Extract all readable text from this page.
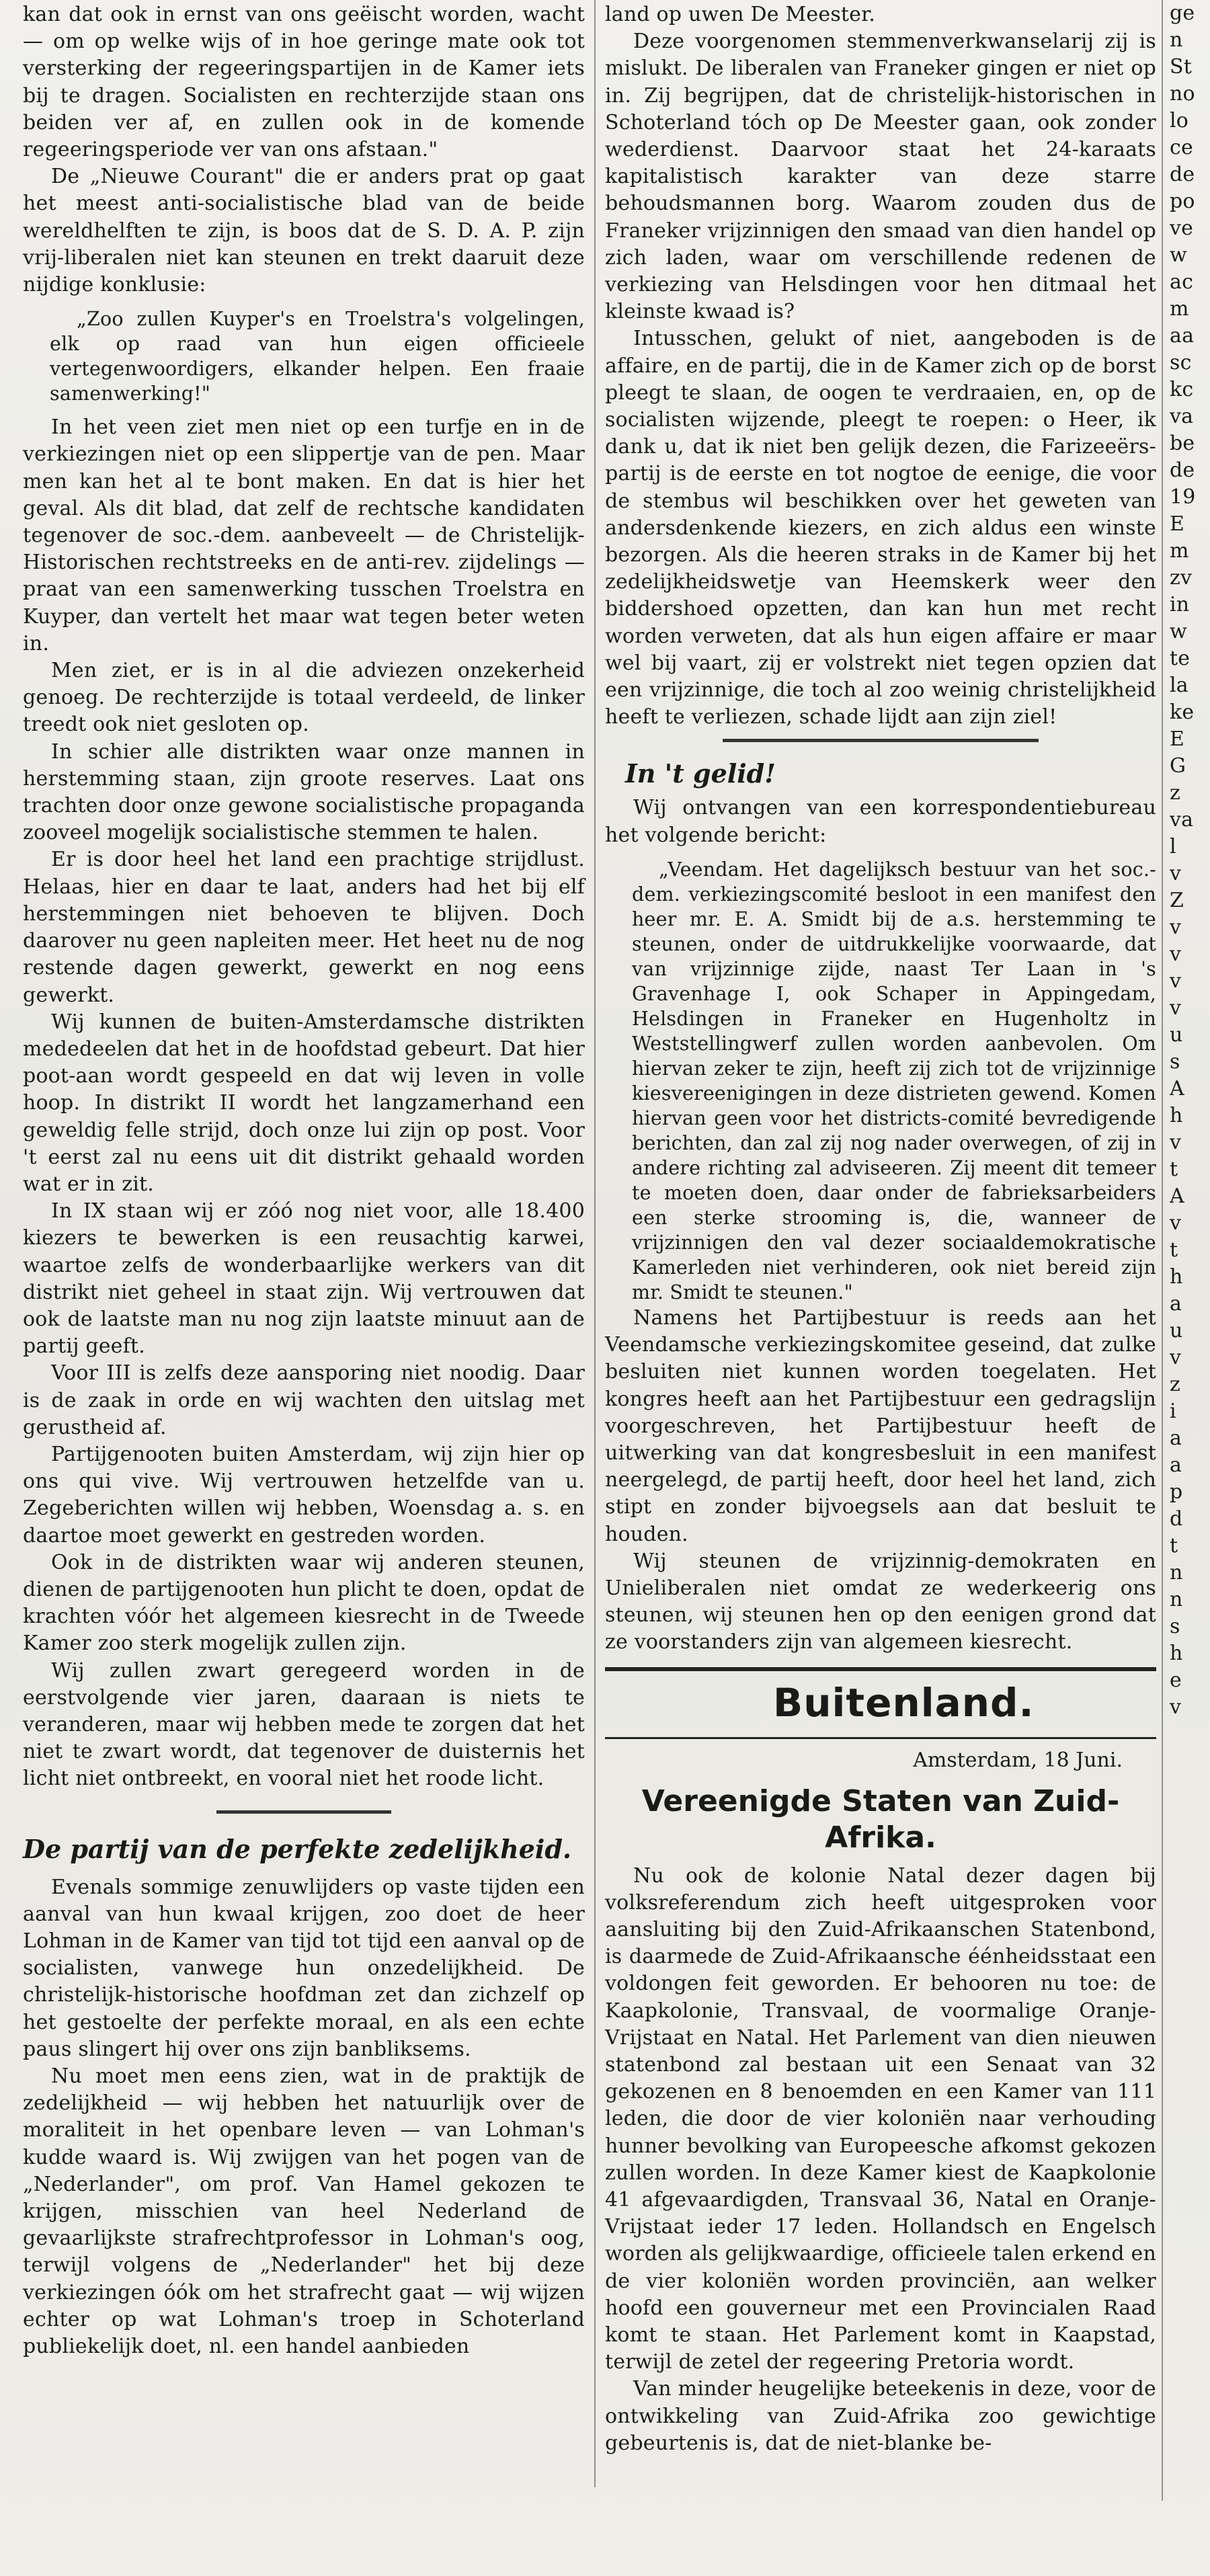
kan dat ook in ernst van ons geëischt worden, wacht — om op welke wijs of in hoe geringe mate ook tot versterking der regeeringspartijen in de Kamer iets bij te dragen. Socialisten en rechterzijde staan ons beiden ver af, en zullen ook in de komende regeeringsperiode ver van ons afstaan."

De „Nieuwe Courant" die er anders prat op gaat het meest anti-socialistische blad van de beide wereldhelften te zijn, is boos dat de S. D. A. P. zijn vrij-liberalen niet kan steunen en trekt daaruit deze nijdige konklusie:

„Zoo zullen Kuyper's en Troelstra's volgelingen, elk op raad van hun eigen officieele vertegenwoordigers, elkander helpen. Een fraaie samenwerking!"

In het veen ziet men niet op een turfje en in de verkiezingen niet op een slippertje van de pen. Maar men kan het al te bont maken. En dat is hier het geval. Als dit blad, dat zelf de rechtsche kandidaten tegenover de soc.-dem. aanbeveelt — de Christelijk-Historischen rechtstreeks en de anti-rev. zijdelings — praat van een samenwerking tusschen Troelstra en Kuyper, dan vertelt het maar wat tegen beter weten in.

Men ziet, er is in al die adviezen onzekerheid genoeg. De rechterzijde is totaal verdeeld, de linker treedt ook niet gesloten op.

In schier alle distrikten waar onze mannen in herstemming staan, zijn groote reserves. Laat ons trachten door onze gewone socialistische propaganda zooveel mogelijk socialistische stemmen te halen.

Er is door heel het land een prachtige strijdlust. Helaas, hier en daar te laat, anders had het bij elf herstemmingen niet behoeven te blijven. Doch daarover nu geen napleiten meer. Het heet nu de nog restende dagen gewerkt, gewerkt en nog eens gewerkt.

Wij kunnen de buiten-Amsterdamsche distrikten mededeelen dat het in de hoofdstad gebeurt. Dat hier poot-aan wordt gespeeld en dat wij leven in volle hoop. In distrikt II wordt het langzamerhand een geweldig felle strijd, doch onze lui zijn op post. Voor 't eerst zal nu eens uit dit distrikt gehaald worden wat er in zit.

In IX staan wij er zóó nog niet voor, alle 18.400 kiezers te bewerken is een reusachtig karwei, waartoe zelfs de wonderbaarlijke werkers van dit distrikt niet geheel in staat zijn. Wij vertrouwen dat ook de laatste man nu nog zijn laatste minuut aan de partij geeft.

Voor III is zelfs deze aansporing niet noodig. Daar is de zaak in orde en wij wachten den uitslag met gerustheid af.

Partijgenooten buiten Amsterdam, wij zijn hier op ons qui vive. Wij vertrouwen hetzelfde van u. Zegeberichten willen wij hebben, Woensdag a. s. en daartoe moet gewerkt en gestreden worden.

Ook in de distrikten waar wij anderen steunen, dienen de partijgenooten hun plicht te doen, opdat de krachten vóór het algemeen kiesrecht in de Tweede Kamer zoo sterk mogelijk zullen zijn.

Wij zullen zwart geregeerd worden in de eerstvolgende vier jaren, daaraan is niets te veranderen, maar wij hebben mede te zorgen dat het niet te zwart wordt, dat tegenover de duisternis het licht niet ontbreekt, en vooral niet het roode licht.

De partij van de perfekte zedelijkheid.

Evenals sommige zenuwlijders op vaste tijden een aanval van hun kwaal krijgen, zoo doet de heer Lohman in de Kamer van tijd tot tijd een aanval op de socialisten, vanwege hun onzedelijkheid. De christelijk-historische hoofdman zet dan zichzelf op het gestoelte der perfekte moraal, en als een echte paus slingert hij over ons zijn banbliksems.

Nu moet men eens zien, wat in de praktijk de zedelijkheid — wij hebben het natuurlijk over de moraliteit in het openbare leven — van Lohman's kudde waard is. Wij zwijgen van het pogen van de „Nederlander", om prof. Van Hamel gekozen te krijgen, misschien van heel Nederland de gevaarlijkste strafrechtprofessor in Lohman's oog, terwijl volgens de „Nederlander" het bij deze verkiezingen óók om het strafrecht gaat — wij wijzen echter op wat Lohman's troep in Schoterland publiekelijk doet, nl. een handel aanbieden

land op uwen De Meester.

Deze voorgenomen stemmenverkwanselarij zij is mislukt. De liberalen van Franeker gingen er niet op in. Zij begrijpen, dat de christelijk-historischen in Schoterland tóch op De Meester gaan, ook zonder wederdienst. Daarvoor staat het 24-karaats kapitalistisch karakter van deze starre behoudsmannen borg. Waarom zouden dus de Franeker vrijzinnigen den smaad van dien handel op zich laden, waar om verschillende redenen de verkiezing van Helsdingen voor hen ditmaal het kleinste kwaad is?

Intusschen, gelukt of niet, aangeboden is de affaire, en de partij, die in de Kamer zich op de borst pleegt te slaan, de oogen te verdraaien, en, op de socialisten wijzende, pleegt te roepen: o Heer, ik dank u, dat ik niet ben gelijk dezen, die Farizeeërs-partij is de eerste en tot nogtoe de eenige, die voor de stembus wil beschikken over het geweten van andersdenkende kiezers, en zich aldus een winste bezorgen. Als die heeren straks in de Kamer bij het zedelijkheidswetje van Heemskerk weer den biddershoed opzetten, dan kan hun met recht worden verweten, dat als hun eigen affaire er maar wel bij vaart, zij er volstrekt niet tegen opzien dat een vrijzinnige, die toch al zoo weinig christelijkheid heeft te verliezen, schade lijdt aan zijn ziel!

In 't gelid!

Wij ontvangen van een korrespondentiebureau het volgende bericht:

„Veendam. Het dagelijksch bestuur van het soc.-dem. verkiezingscomité besloot in een manifest den heer mr. E. A. Smidt bij de a.s. herstemming te steunen, onder de uitdrukkelijke voorwaarde, dat van vrijzinnige zijde, naast Ter Laan in 's Gravenhage I, ook Schaper in Appingedam, Helsdingen in Franeker en Hugenholtz in Weststellingwerf zullen worden aanbevolen. Om hiervan zeker te zijn, heeft zij zich tot de vrijzinnige kiesvereenigingen in deze distrieten gewend. Komen hiervan geen voor het districts-comité bevredigende berichten, dan zal zij nog nader overwegen, of zij in andere richting zal adviseeren. Zij meent dit temeer te moeten doen, daar onder de fabrieksarbeiders een sterke strooming is, die, wanneer de vrijzinnigen den val dezer sociaaldemokratische Kamerleden niet verhinderen, ook niet bereid zijn mr. Smidt te steunen."

Namens het Partijbestuur is reeds aan het Veendamsche verkiezingskomitee geseind, dat zulke besluiten niet kunnen worden toegelaten. Het kongres heeft aan het Partijbestuur een gedragslijn voorgeschreven, het Partijbestuur heeft de uitwerking van dat kongresbesluit in een manifest neergelegd, de partij heeft, door heel het land, zich stipt en zonder bijvoegsels aan dat besluit te houden.

Wij steunen de vrijzinnig-demokraten en Unieliberalen niet omdat ze wederkeerig ons steunen, wij steunen hen op den eenigen grond dat ze voorstanders zijn van algemeen kiesrecht.

Buitenland.
Amsterdam, 18 Juni.
Vereenigde Staten van Zuid-Afrika.

Nu ook de kolonie Natal dezer dagen bij volksreferendum zich heeft uitgesproken voor aansluiting bij den Zuid-Afrikaanschen Statenbond, is daarmede de Zuid-Afrikaansche éénheidsstaat een voldongen feit geworden. Er behooren nu toe: de Kaapkolonie, Transvaal, de voormalige Oranje-Vrijstaat en Natal. Het Parlement van dien nieuwen statenbond zal bestaan uit een Senaat van 32 gekozenen en 8 benoemden en een Kamer van 111 leden, die door de vier koloniën naar verhouding hunner bevolking van Europeesche afkomst gekozen zullen worden. In deze Kamer kiest de Kaapkolonie 41 afgevaardigden, Transvaal 36, Natal en Oranje-Vrijstaat ieder 17 leden. Hollandsch en Engelsch worden als gelijkwaardige, officieele talen erkend en de vier koloniën worden provinciën, aan welker hoofd een gouverneur met een Provincialen Raad komt te staan. Het Parlement komt in Kaapstad, terwijl de zetel der regeering Pretoria wordt.

Van minder heugelijke beteekenis in deze, voor de ontwikkeling van Zuid-Afrika zoo gewichtige gebeurtenis is, dat de niet-blanke be-

ge

n

St

no

lo

ce

de

po

ve

w

ac

m

aa

sc

kc

va

be

de

19

E

m

zv

in

w

te

la

ke

E

G

z

va

l

v

Z

v

v

v

v

u

s

A

h

v

t

A

v

t

h

a

u

v

z

i

a

a

p

d

t

n

n

s

h

e

v
